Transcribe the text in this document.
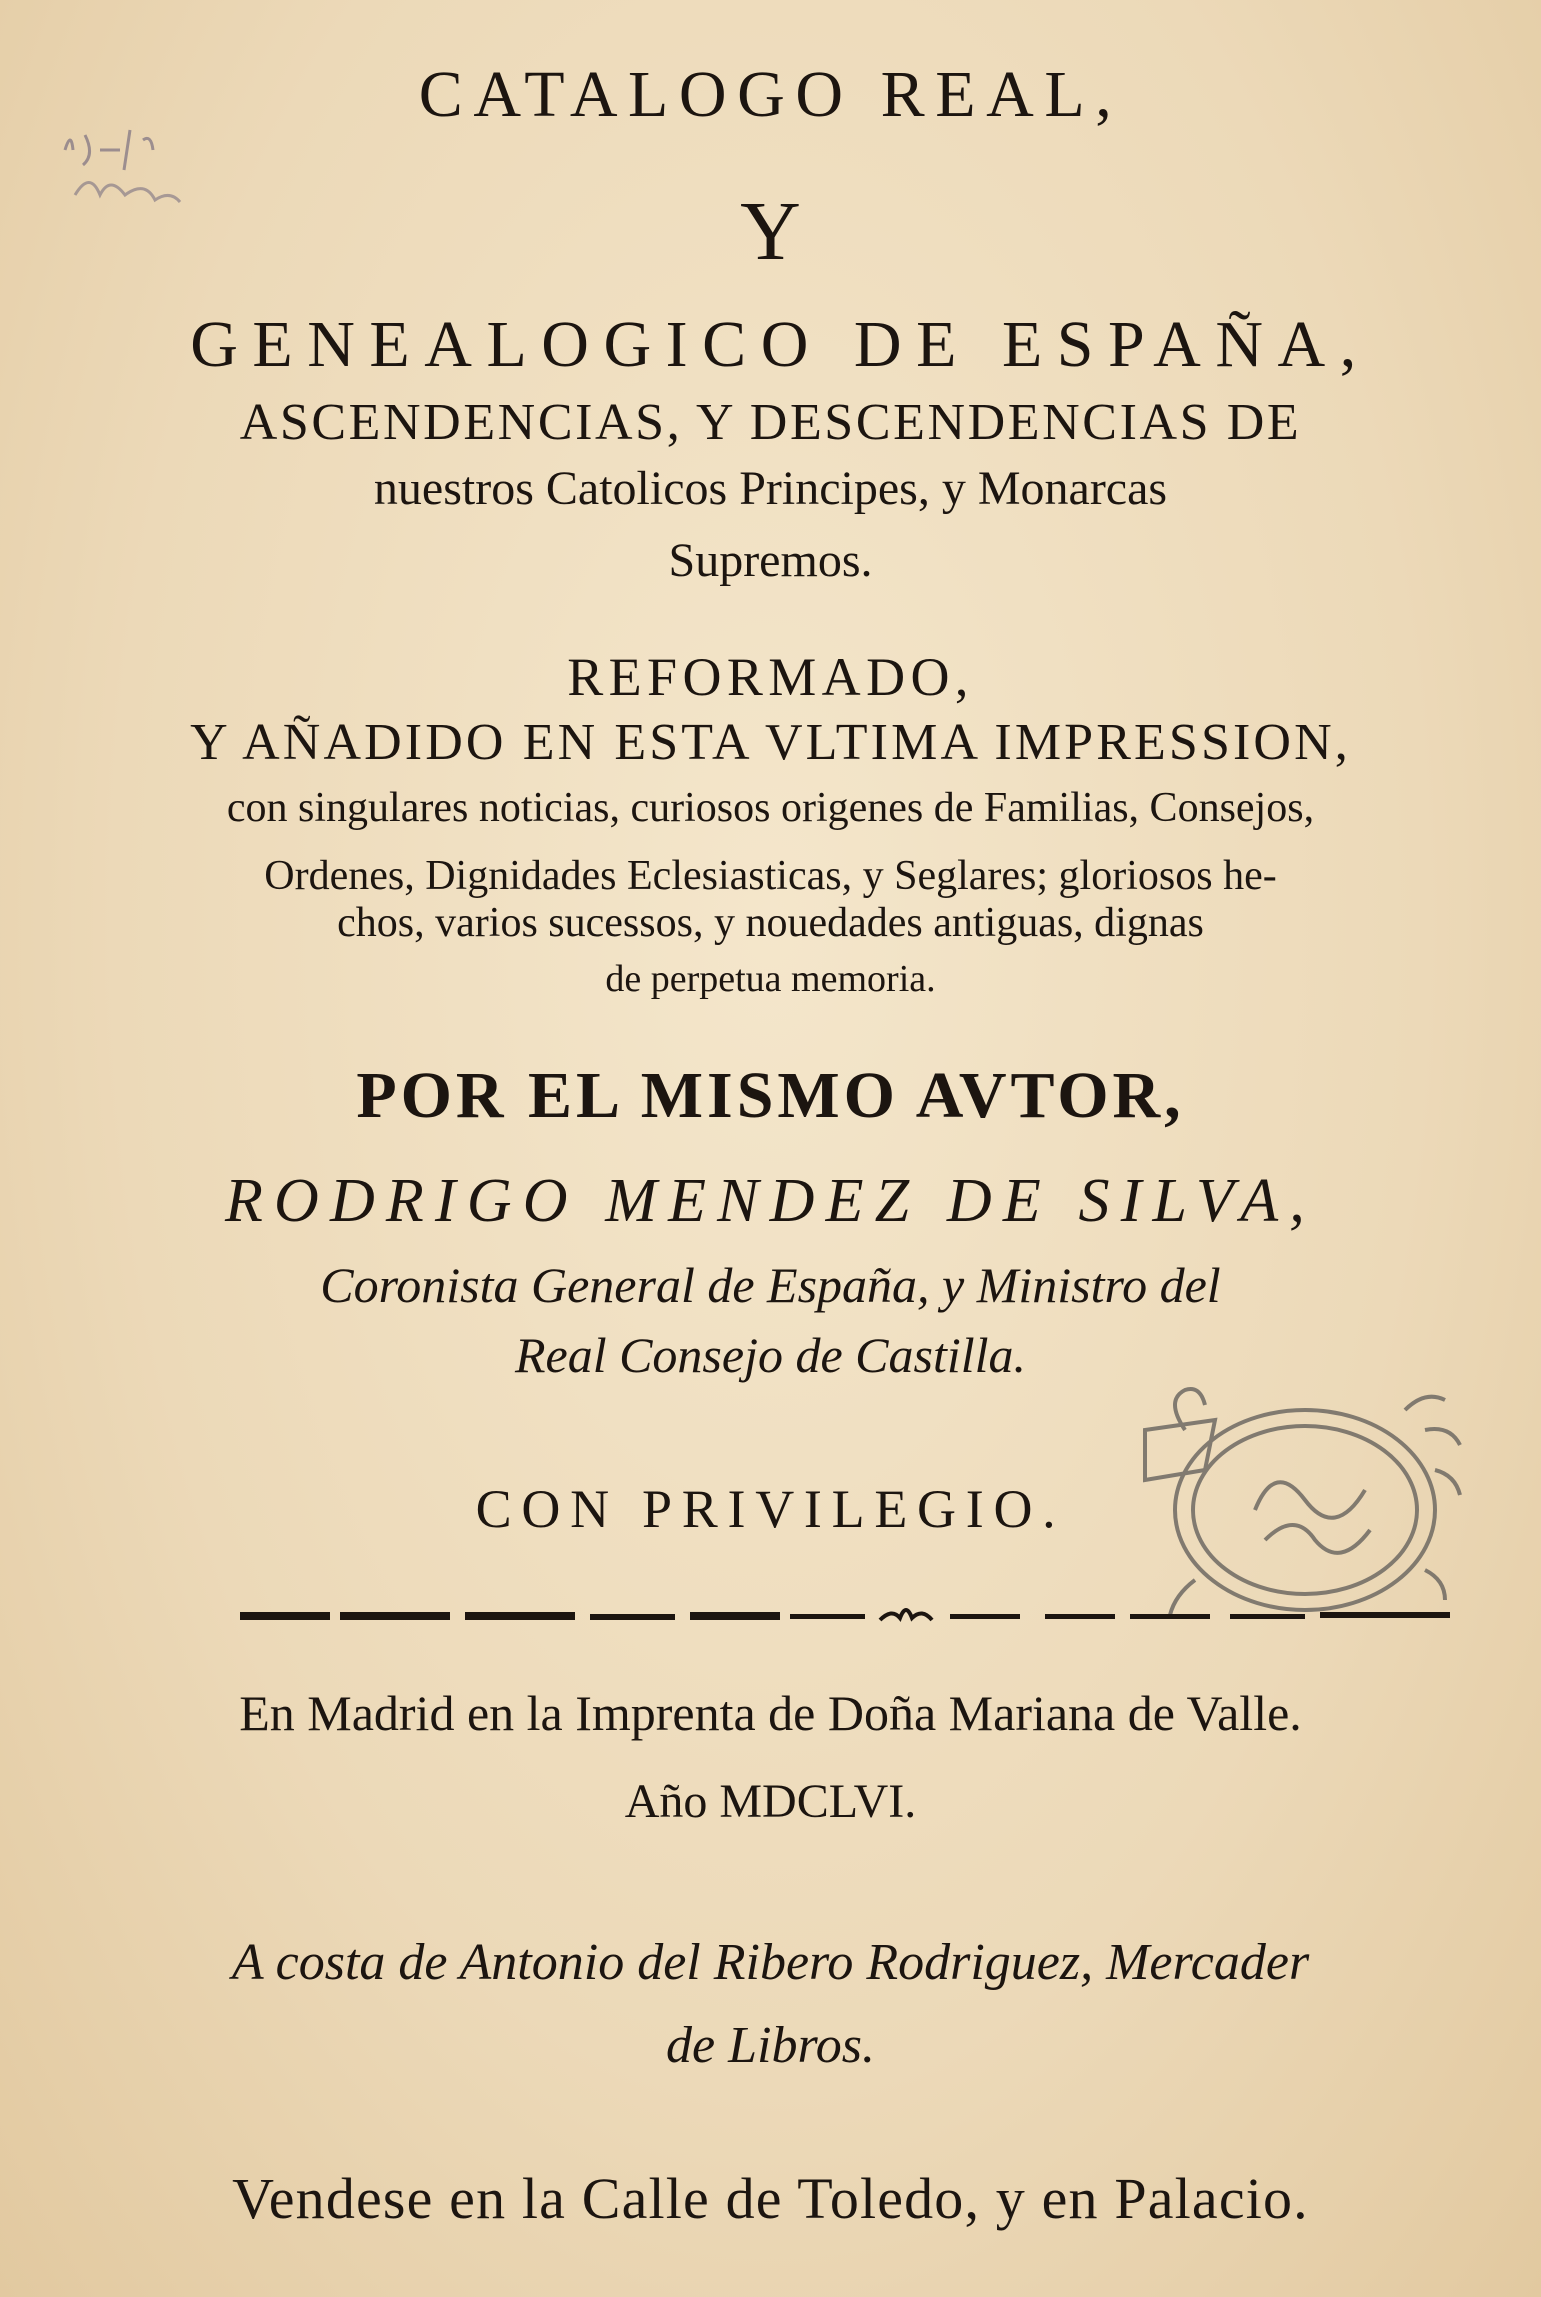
CATALOGO REAL,
Y
GENEALOGICO DE ESPAÑA,
ASCENDENCIAS, Y DESCENDENCIAS DE
nuestros Catolicos Principes, y Monarcas
Supremos.
REFORMADO,
Y AÑADIDO EN ESTA VLTIMA IMPRESSION,
con singulares noticias, curiosos origenes de Familias, Consejos,
Ordenes, Dignidades Eclesiasticas, y Seglares; gloriosos he-
chos, varios sucessos, y nouedades antiguas, dignas
de perpetua memoria.
POR EL MISMO AVTOR,
RODRIGO MENDEZ DE SILVA,
Coronista General de España, y Ministro del
Real Consejo de Castilla.
CON PRIVILEGIO.
En Madrid en la Imprenta de Doña Mariana de Valle.
Año MDCLVI.
A costa de Antonio del Ribero Rodriguez, Mercader
de Libros.
Vendese en la Calle de Toledo, y en Palacio.
